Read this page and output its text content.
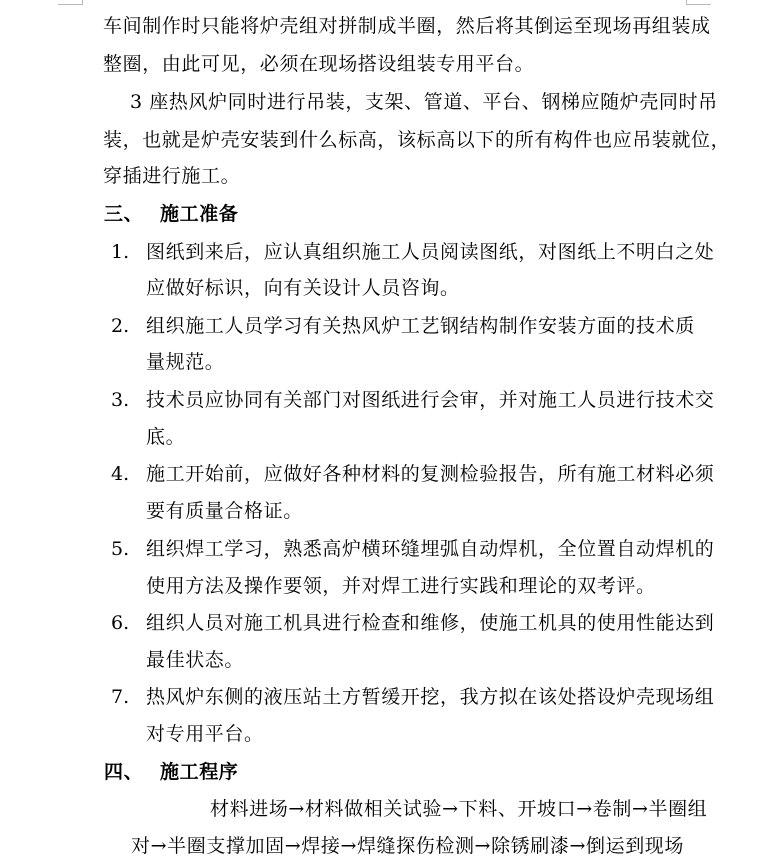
车间制作时只能将炉壳组对拼制成半圈，然后将其倒运至现场再组装成
整圈，由此可见，必须在现场搭设组装专用平台。
3 座热风炉同时进行吊装，支架、管道、平台、钢梯应随炉壳同时吊
装，也就是炉壳安装到什么标高，该标高以下的所有构件也应吊装就位，
穿插进行施工。
三、 施工准备
1. 图纸到来后，应认真组织施工人员阅读图纸，对图纸上不明白之处
应做好标识，向有关设计人员咨询。
2. 组织施工人员学习有关热风炉工艺钢结构制作安装方面的技术质
量规范。
3. 技术员应协同有关部门对图纸进行会审，并对施工人员进行技术交
底。
4. 施工开始前，应做好各种材料的复测检验报告，所有施工材料必须
要有质量合格证。
5. 组织焊工学习，熟悉高炉横环缝埋弧自动焊机，全位置自动焊机的
使用方法及操作要领，并对焊工进行实践和理论的双考评。
6. 组织人员对施工机具进行检查和维修，使施工机具的使用性能达到
最佳状态。
7. 热风炉东侧的液压站土方暂缓开挖，我方拟在该处搭设炉壳现场组
对专用平台。
四、 施工程序
材料进场→材料做相关试验→下料、开坡口→卷制→半圈组
对→半圈支撑加固→焊接→焊缝探伤检测→除锈刷漆→倒运到现场
